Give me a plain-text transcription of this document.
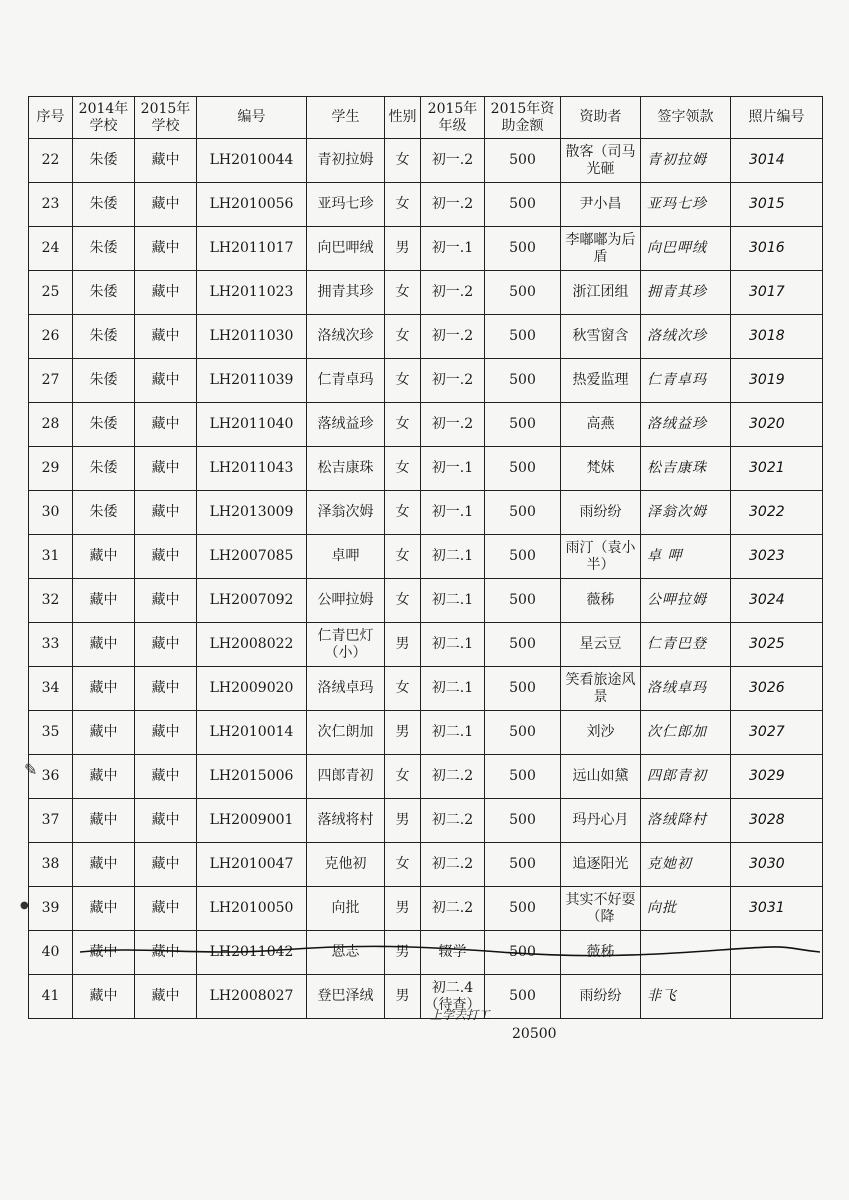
序号	2014年学校	2015年学校	编号	学生	性别	2015年年级	2015年资助金额	资助者	签字领款	照片编号
22	朱倭	藏中	LH2010044	青初拉姆	女	初一.2	500	散客（司马光砸	青初拉姆	3014
23	朱倭	藏中	LH2010056	亚玛七珍	女	初一.2	500	尹小昌	亚玛七珍	3015
24	朱倭	藏中	LH2011017	向巴呷绒	男	初一.1	500	李嘟嘟为后盾	向巴呷绒	3016
25	朱倭	藏中	LH2011023	拥青其珍	女	初一.2	500	浙江团组	拥青其珍	3017
26	朱倭	藏中	LH2011030	洛绒次珍	女	初一.2	500	秋雪窗含	洛绒次珍	3018
27	朱倭	藏中	LH2011039	仁青卓玛	女	初一.2	500	热爱监理	仁青卓玛	3019
28	朱倭	藏中	LH2011040	落绒益珍	女	初一.2	500	高燕	洛绒益珍	3020
29	朱倭	藏中	LH2011043	松吉康珠	女	初一.1	500	梵妹	松吉康珠	3021
30	朱倭	藏中	LH2013009	泽翁次姆	女	初一.1	500	雨纷纷	泽翁次姆	3022
31	藏中	藏中	LH2007085	卓呷	女	初二.1	500	雨汀（袁小半）	卓 呷	3023
32	藏中	藏中	LH2007092	公呷拉姆	女	初二.1	500	薇秭	公呷拉姆	3024
33	藏中	藏中	LH2008022	仁青巴灯（小）	男	初二.1	500	星云豆	仁青巴登	3025
34	藏中	藏中	LH2009020	洛绒卓玛	女	初二.1	500	笑看旅途风景	洛绒卓玛	3026
35	藏中	藏中	LH2010014	次仁朗加	男	初二.1	500	刘沙	次仁郎加	3027
36	藏中	藏中	LH2015006	四郎青初	女	初二.2	500	远山如黛	四郎青初	3029
37	藏中	藏中	LH2009001	落绒将村	男	初二.2	500	玛丹心月	洛绒降村	3028
38	藏中	藏中	LH2010047	克他初	女	初二.2	500	追逐阳光	克她初	3030
39	藏中	藏中	LH2010050	向批	男	初二.2	500	其实不好耍（降	向批	3031
40	藏中	藏中	LH2011042	恩志	男	辍学	500	薇秭		
41	藏中	藏中	LH2008027	登巴泽绒	男	初二.4（待查）	500	雨纷纷	非飞	
上学去打工
20500
✎
●
